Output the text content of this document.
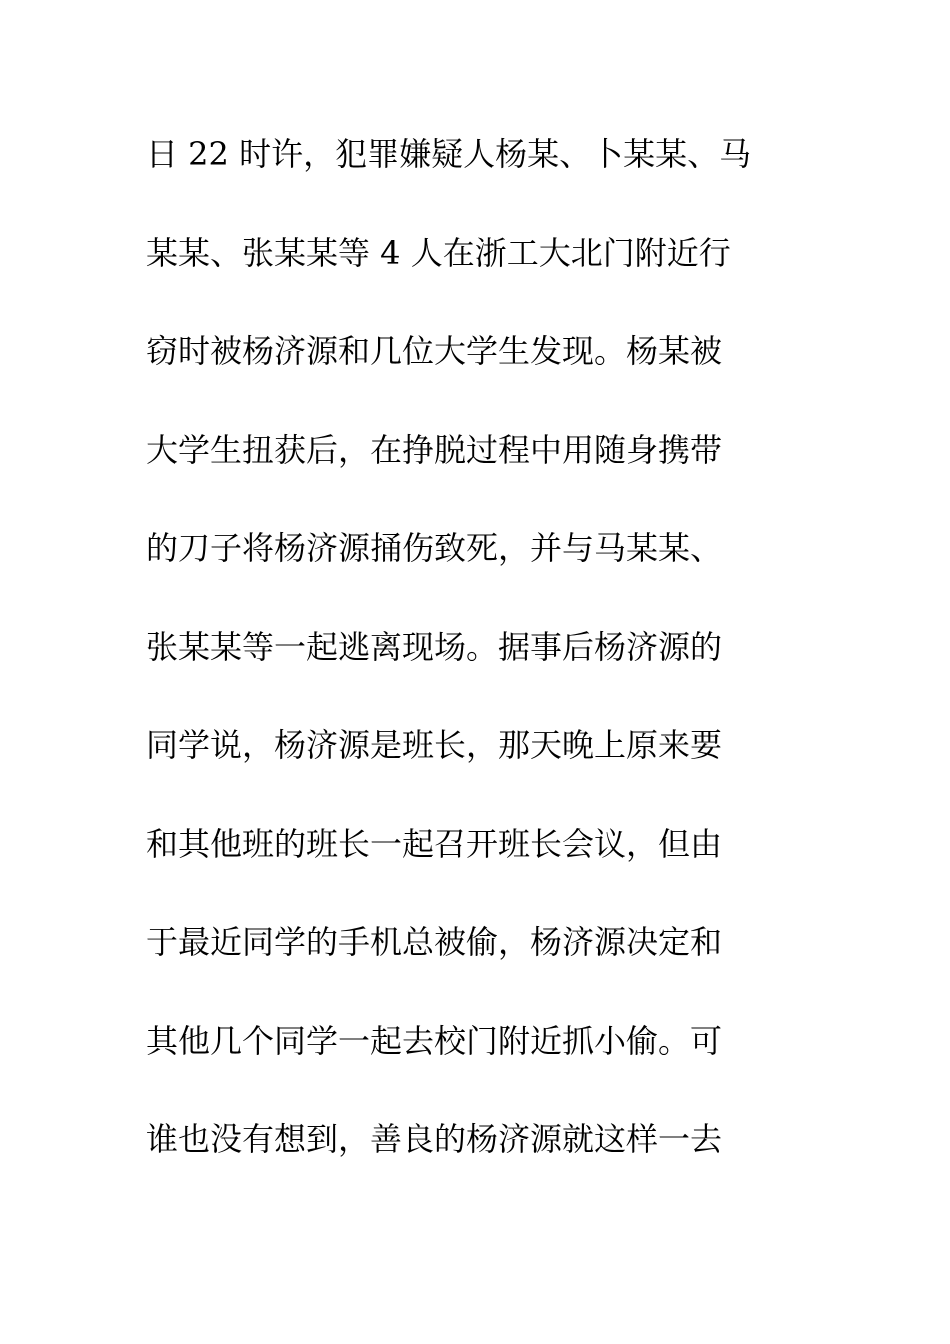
日 22 时许，犯罪嫌疑人杨某、卜某某、马
某某、张某某等 4 人在浙工大北门附近行
窃时被杨济源和几位大学生发现。杨某被
大学生扭获后，在挣脱过程中用随身携带
的刀子将杨济源捅伤致死，并与马某某、
张某某等一起逃离现场。据事后杨济源的
同学说，杨济源是班长，那天晚上原来要
和其他班的班长一起召开班长会议，但由
于最近同学的手机总被偷，杨济源决定和
其他几个同学一起去校门附近抓小偷。可
谁也没有想到，善良的杨济源就这样一去
